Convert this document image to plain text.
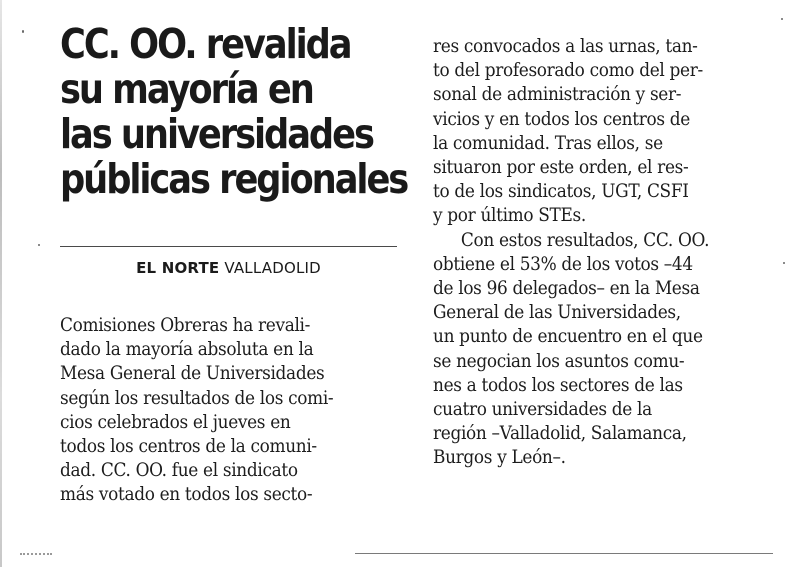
CC. OO. revalida
su mayoría en
las universidades
públicas regionales
EL NORTE VALLADOLID
Comisiones Obreras ha revali-
dado la mayoría absoluta en la
Mesa General de Universidades
según los resultados de los comi-
cios celebrados el jueves en
todos los centros de la comuni-
dad. CC. OO. fue el sindicato
más votado en todos los secto-
res convocados a las urnas, tan-
to del profesorado como del per-
sonal de administración y ser-
vicios y en todos los centros de
la comunidad. Tras ellos, se
situaron por este orden, el res-
to de los sindicatos, UGT, CSFI
y por último STEs.
Con estos resultados, CC. OO.
obtiene el 53% de los votos –44
de los 96 delegados– en la Mesa
General de las Universidades,
un punto de encuentro en el que
se negocian los asuntos comu-
nes a todos los sectores de las
cuatro universidades de la
región –Valladolid, Salamanca,
Burgos y León–.
